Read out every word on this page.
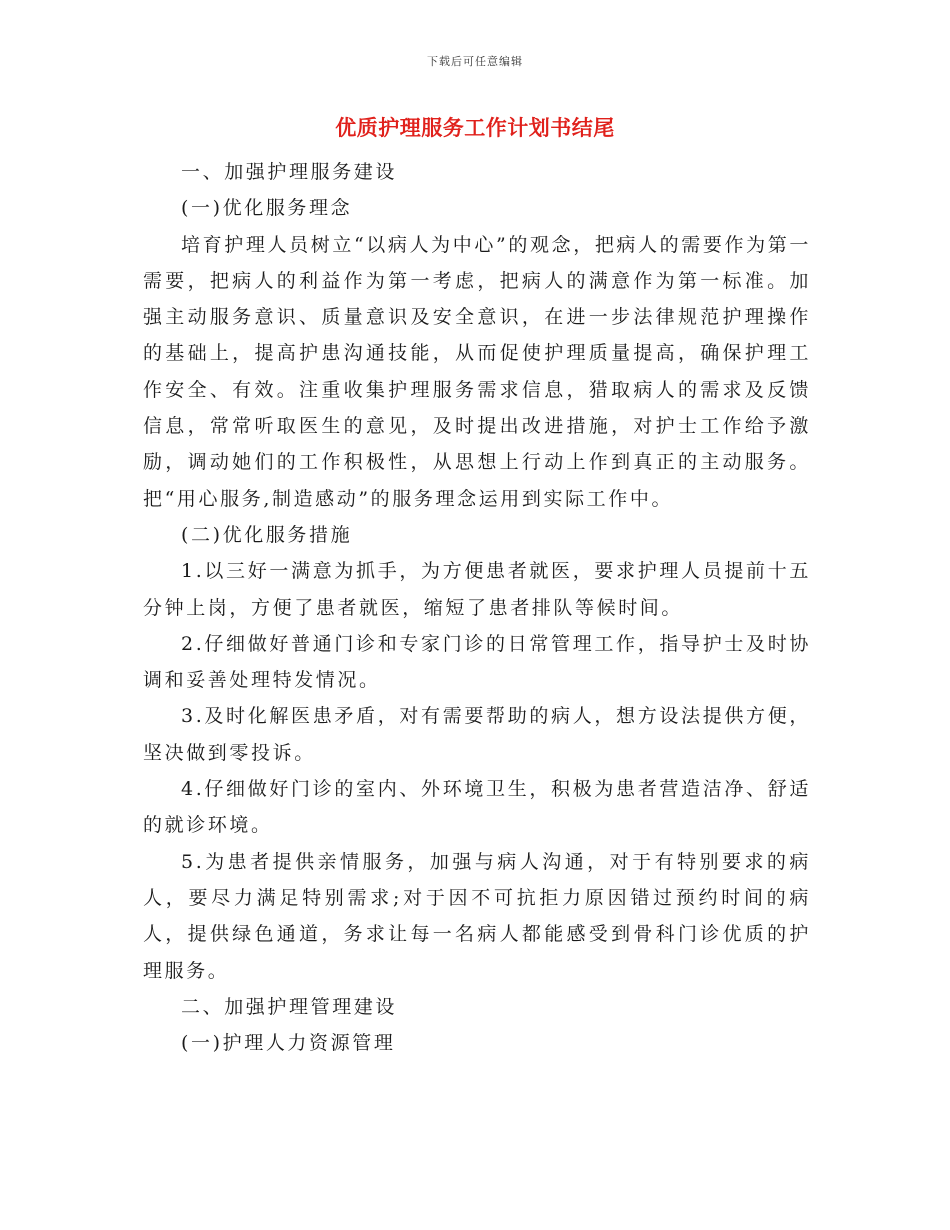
下载后可任意编辑
优质护理服务工作计划书结尾

一、加强护理服务建设

(一)优化服务理念

培育护理人员树立“以病人为中心”的观念，把病人的需要作为第一需要，把病人的利益作为第一考虑，把病人的满意作为第一标准。加强主动服务意识、质量意识及安全意识，在进一步法律规范护理操作的基础上，提高护患沟通技能，从而促使护理质量提高，确保护理工作安全、有效。注重收集护理服务需求信息，猎取病人的需求及反馈信息，常常听取医生的意见，及时提出改进措施，对护士工作给予激励，调动她们的工作积极性，从思想上行动上作到真正的主动服务。把“用心服务,制造感动”的服务理念运用到实际工作中。

(二)优化服务措施

1.以三好一满意为抓手，为方便患者就医，要求护理人员提前十五分钟上岗，方便了患者就医，缩短了患者排队等候时间。

2.仔细做好普通门诊和专家门诊的日常管理工作，指导护士及时协调和妥善处理特发情况。

3.及时化解医患矛盾，对有需要帮助的病人，想方设法提供方便，坚决做到零投诉。

4.仔细做好门诊的室内、外环境卫生，积极为患者营造洁净、舒适的就诊环境。

5.为患者提供亲情服务，加强与病人沟通，对于有特别要求的病人，要尽力满足特别需求;对于因不可抗拒力原因错过预约时间的病人，提供绿色通道，务求让每一名病人都能感受到骨科门诊优质的护理服务。

二、加强护理管理建设

(一)护理人力资源管理
